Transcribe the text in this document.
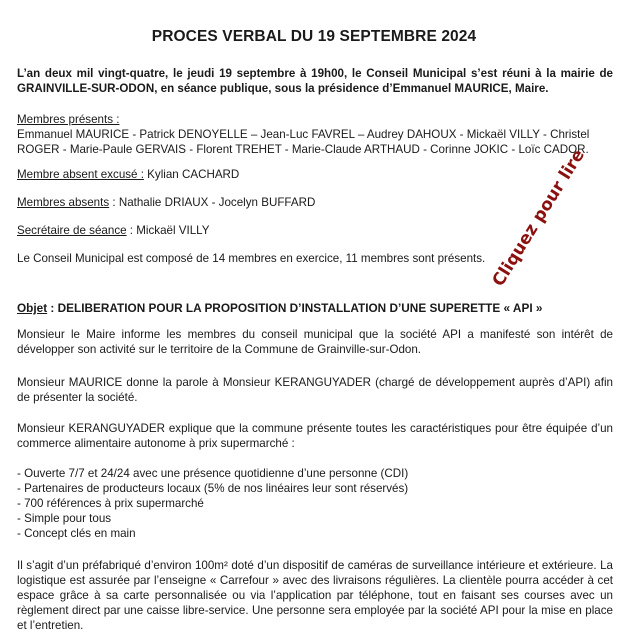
PROCES VERBAL DU 19 SEPTEMBRE 2024
L’an deux mil vingt-quatre, le jeudi 19 septembre à 19h00, le Conseil Municipal s’est réuni à la mairie de GRAINVILLE-SUR-ODON, en séance publique, sous la présidence d’Emmanuel MAURICE, Maire.
Membres présents :
Emmanuel MAURICE - Patrick DENOYELLE – Jean-Luc FAVREL – Audrey DAHOUX - Mickaël VILLY - Christel ROGER - Marie-Paule GERVAIS - Florent TREHET - Marie-Claude ARTHAUD - Corinne JOKIC - Loïc CADOR.
Membre absent excusé : Kylian CACHARD
Membres absents : Nathalie DRIAUX - Jocelyn BUFFARD
Secrétaire de séance : Mickaël VILLY
Le Conseil Municipal est composé de 14 membres en exercice, 11 membres sont présents.
Objet : DELIBERATION POUR LA PROPOSITION D’INSTALLATION D’UNE SUPERETTE « API »
Monsieur le Maire informe les membres du conseil municipal que la société API a manifesté son intérêt de développer son activité sur le territoire de la Commune de Grainville-sur-Odon.
Monsieur MAURICE donne la parole à Monsieur KERANGUYADER (chargé de développement auprès d’API) afin de présenter la société.
Monsieur KERANGUYADER explique que la commune présente toutes les caractéristiques pour être équipée d’un commerce alimentaire autonome à prix supermarché :
- Ouverte 7/7 et 24/24 avec une présence quotidienne d’une personne (CDI)
- Partenaires de producteurs locaux (5% de nos linéaires leur sont réservés)
- 700 références à prix supermarché
- Simple pour tous
- Concept clés en main
Il s’agit d’un préfabriqué d’environ 100m² doté d’un dispositif de caméras de surveillance intérieure et extérieure. La logistique est assurée par l’enseigne « Carrefour » avec des livraisons régulières. La clientèle pourra accéder à cet espace grâce à sa carte personnalisée ou via l’application par téléphone, tout en faisant ses courses avec un règlement direct par une caisse libre-service. Une personne sera employée par la société API pour la mise en place et l’entretien.
Cliquez pour lire
